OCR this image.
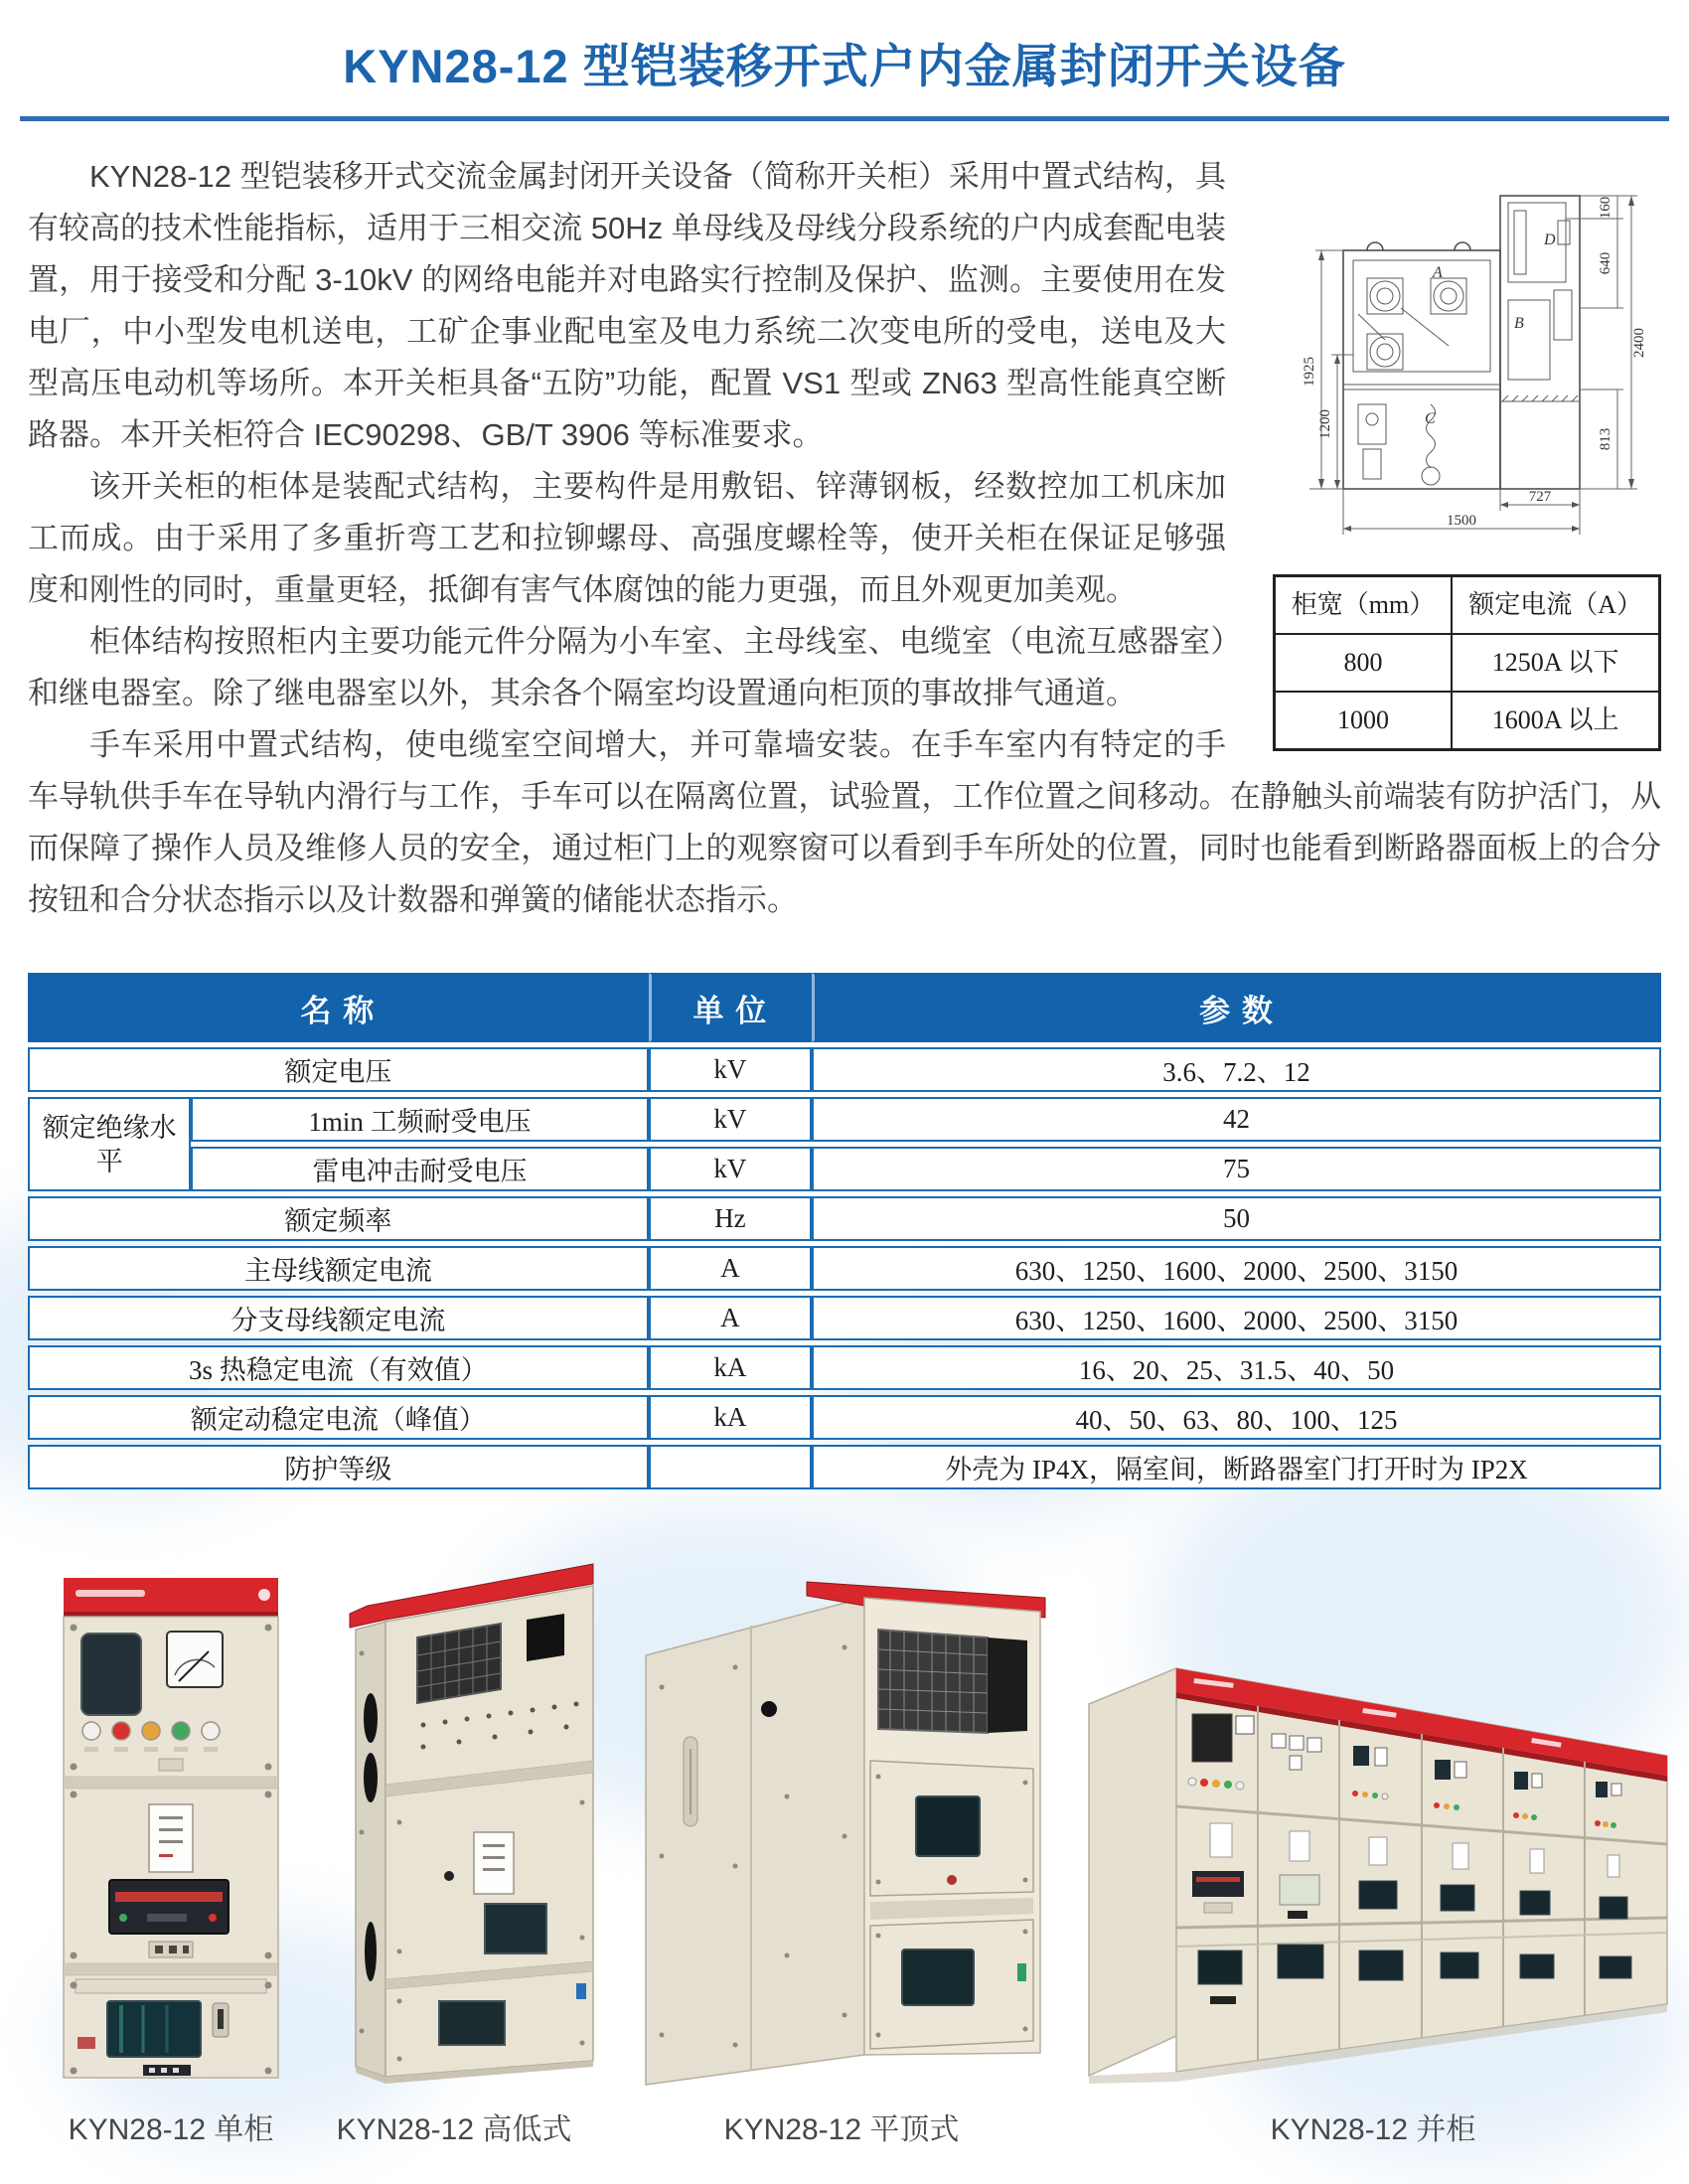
KYN28-12 型铠装移开式户内金属封闭开关设备
A
B
C
D
1925
1200
160
640
2400
813
727
1500
柜宽（mm）	额定电流（A）
800	1250A 以下
1000	1600A 以上

KYN28-12 型铠装移开式交流金属封闭开关设备（简称开关柜）采用中置式结构，具有较高的技术性能指标，适用于三相交流 50Hz 单母线及母线分段系统的户内成套配电装置，用于接受和分配 3-10kV 的网络电能并对电路实行控制及保护、监测。主要使用在发电厂，中小型发电机送电，工矿企事业配电室及电力系统二次变电所的受电，送电及大型高压电动机等场所。本开关柜具备“五防”功能，配置 VS1 型或 ZN63 型高性能真空断路器。本开关柜符合 IEC90298、GB/T 3906 等标准要求。

该开关柜的柜体是装配式结构，主要构件是用敷铝、锌薄钢板，经数控加工机床加工而成。由于采用了多重折弯工艺和拉铆螺母、高强度螺栓等，使开关柜在保证足够强度和刚性的同时，重量更轻，抵御有害气体腐蚀的能力更强，而且外观更加美观。

柜体结构按照柜内主要功能元件分隔为小车室、主母线室、电缆室（电流互感器室）和继电器室。除了继电器室以外，其余各个隔室均设置通向柜顶的事故排气通道。

手车采用中置式结构，使电缆室空间增大，并可靠墙安装。在手车室内有特定的手车导轨供手车在导轨内滑行与工作，手车可以在隔离位置，试验置，工作位置之间移动。在静触头前端装有防护活门，从而保障了操作人员及维修人员的安全，通过柜门上的观察窗可以看到手车所处的位置，同时也能看到断路器面板上的合分按钮和合分状态指示以及计数器和弹簧的储能状态指示。

名 称		单 位	参 数
额定电压		kV	3.6、7.2、12
额定绝缘水平	1min 工频耐受电压	kV	42
	雷电冲击耐受电压	kV	75
额定频率		Hz	50
主母线额定电流		A	630、1250、1600、2000、2500、3150
分支母线额定电流		A	630、1250、1600、2000、2500、3150
3s 热稳定电流（有效值）		kA	16、20、25、31.5、40、50
额定动稳定电流（峰值）		kA	40、50、63、80、100、125
防护等级			外壳为 IP4X，隔室间，断路器室门打开时为 IP2X
KYN28-12 单柜 KYN28-12 高低式	KYN28-12 平顶式	KYN28-12 并柜
